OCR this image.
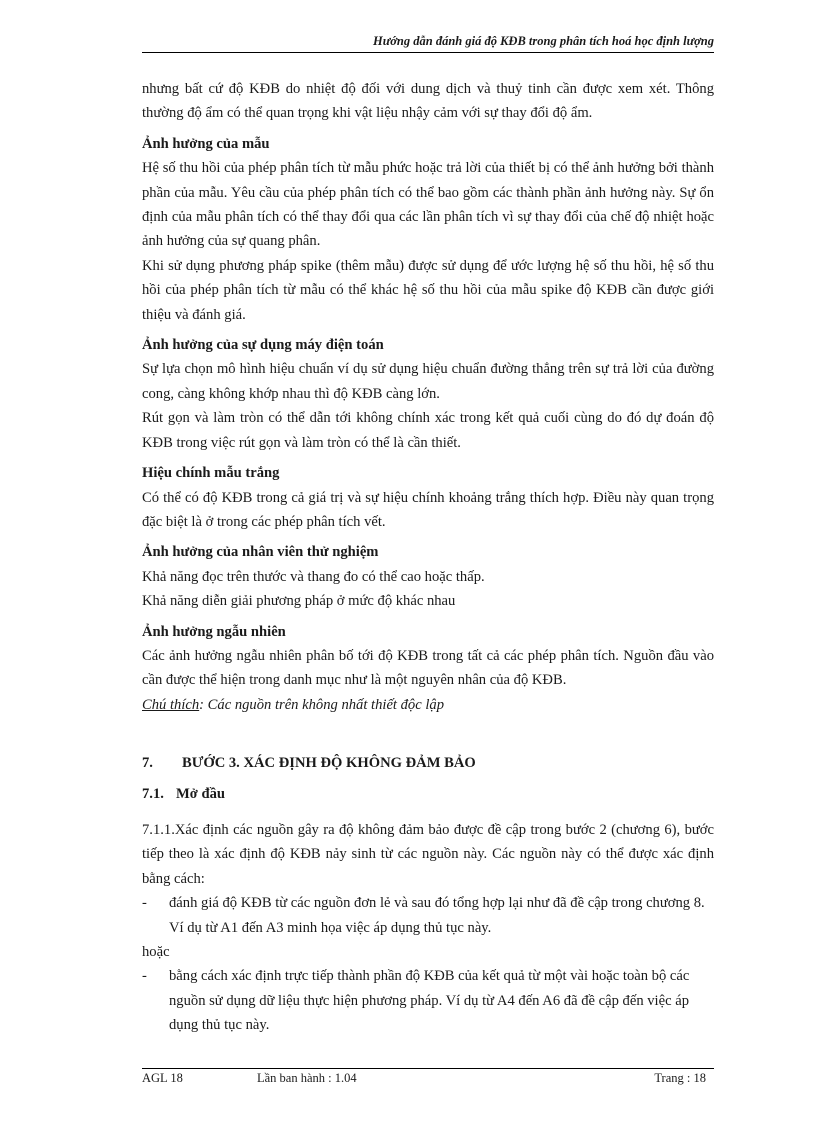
Hướng dẫn đánh giá độ KĐB trong phân tích hoá học định lượng

nhưng bất cứ độ KĐB do nhiệt độ đối với dung dịch và thuỷ tinh cần được xem xét. Thông thường độ ẩm có thể quan trọng khi vật liệu nhậy cảm với sự thay đổi độ ẩm.

Ảnh hưởng của mẫu

Hệ số thu hồi của phép phân tích từ mẫu phức hoặc trả lời của thiết bị có thể ảnh hưởng bởi thành phần của mẫu. Yêu cầu của phép phân tích có thể bao gồm các thành phần ảnh hưởng này. Sự ổn định của mẫu phân tích có thể thay đổi qua các lần phân tích vì sự thay đổi của chế độ nhiệt hoặc ảnh hưởng của sự quang phân.

Khi sử dụng phương pháp spike (thêm mẫu) được sử dụng để ước lượng hệ số thu hồi, hệ số thu hồi của phép phân tích từ mẫu có thể khác hệ số thu hồi của mẫu spike độ KĐB cần được giới thiệu và đánh giá.

Ảnh hưởng của sự dụng máy điện toán

Sự lựa chọn mô hình hiệu chuẩn ví dụ sử dụng hiệu chuẩn đường thẳng trên sự trả lời của đường cong, càng không khớp nhau thì độ KĐB càng lớn.

Rút gọn và làm tròn có thể dẫn tới không chính xác trong kết quả cuối cùng do đó dự đoán độ KĐB trong việc rút gọn và làm tròn có thể là cần thiết.

Hiệu chính mẫu trắng

Có thể có độ KĐB trong cả giá trị và sự hiệu chính khoảng trắng thích hợp. Điều này quan trọng đặc biệt là ở trong các phép phân tích vết.

Ảnh hưởng của nhân viên thử nghiệm

Khả năng đọc trên thước và thang đo có thể cao hoặc thấp.

Khả năng diễn giải phương pháp ở mức độ khác nhau

Ảnh hưởng ngẫu nhiên

Các ảnh hưởng ngẫu nhiên phân bố tới độ KĐB trong tất cả các phép phân tích. Nguồn đầu vào cần được thể hiện trong danh mục như là một nguyên nhân của độ KĐB.

Chú thích: Các nguồn trên không nhất thiết độc lập

7. BƯỚC 3. XÁC ĐỊNH ĐỘ KHÔNG ĐẢM BẢO

7.1. Mở đầu

7.1.1.Xác định các nguồn gây ra độ không đảm bảo được đề cập trong bước 2 (chương 6), bước tiếp theo là xác định độ KĐB nảy sinh từ các nguồn này. Các nguồn này có thể được xác định bằng cách:

- đánh giá độ KĐB từ các nguồn đơn lẻ và sau đó tổng hợp lại như đã đề cập trong chương 8. Ví dụ từ A1 đến A3 minh họa việc áp dụng thủ tục này.

hoặc

- bằng cách xác định trực tiếp thành phần độ KĐB của kết quả từ một vài hoặc toàn bộ các nguồn sử dụng dữ liệu thực hiện phương pháp. Ví dụ từ A4 đến A6 đã đề cập đến việc áp dụng thủ tục này.

AGL 18	Lần ban hành : 1.04	Trang : 18
